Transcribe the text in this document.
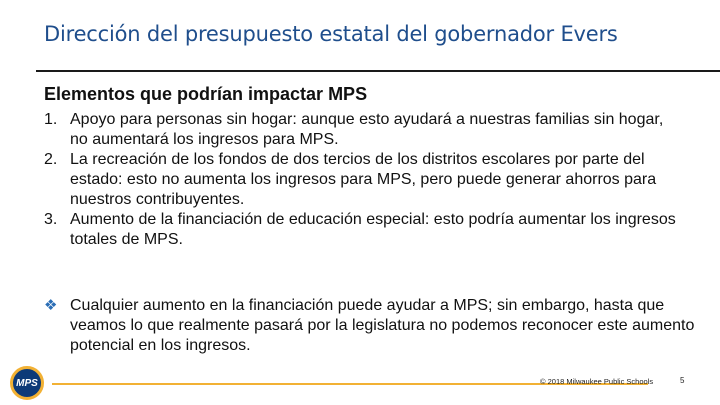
Dirección del presupuesto estatal del gobernador Evers
Elementos que podrían impactar MPS
1. Apoyo para personas sin hogar: aunque esto ayudará a nuestras familias sin hogar, no aumentará los ingresos para MPS.
2. La recreación de los fondos de dos tercios de los distritos escolares por parte del estado: esto no aumenta los ingresos para MPS, pero puede generar ahorros para nuestros contribuyentes.
3. Aumento de la financiación de educación especial: esto podría aumentar los ingresos totales de MPS.
❖ Cualquier aumento en la financiación puede ayudar a MPS; sin embargo, hasta que veamos lo que realmente pasará por la legislatura no podemos reconocer este aumento potencial en los ingresos.
MPS	© 2018 Milwaukee Public Schools	5
